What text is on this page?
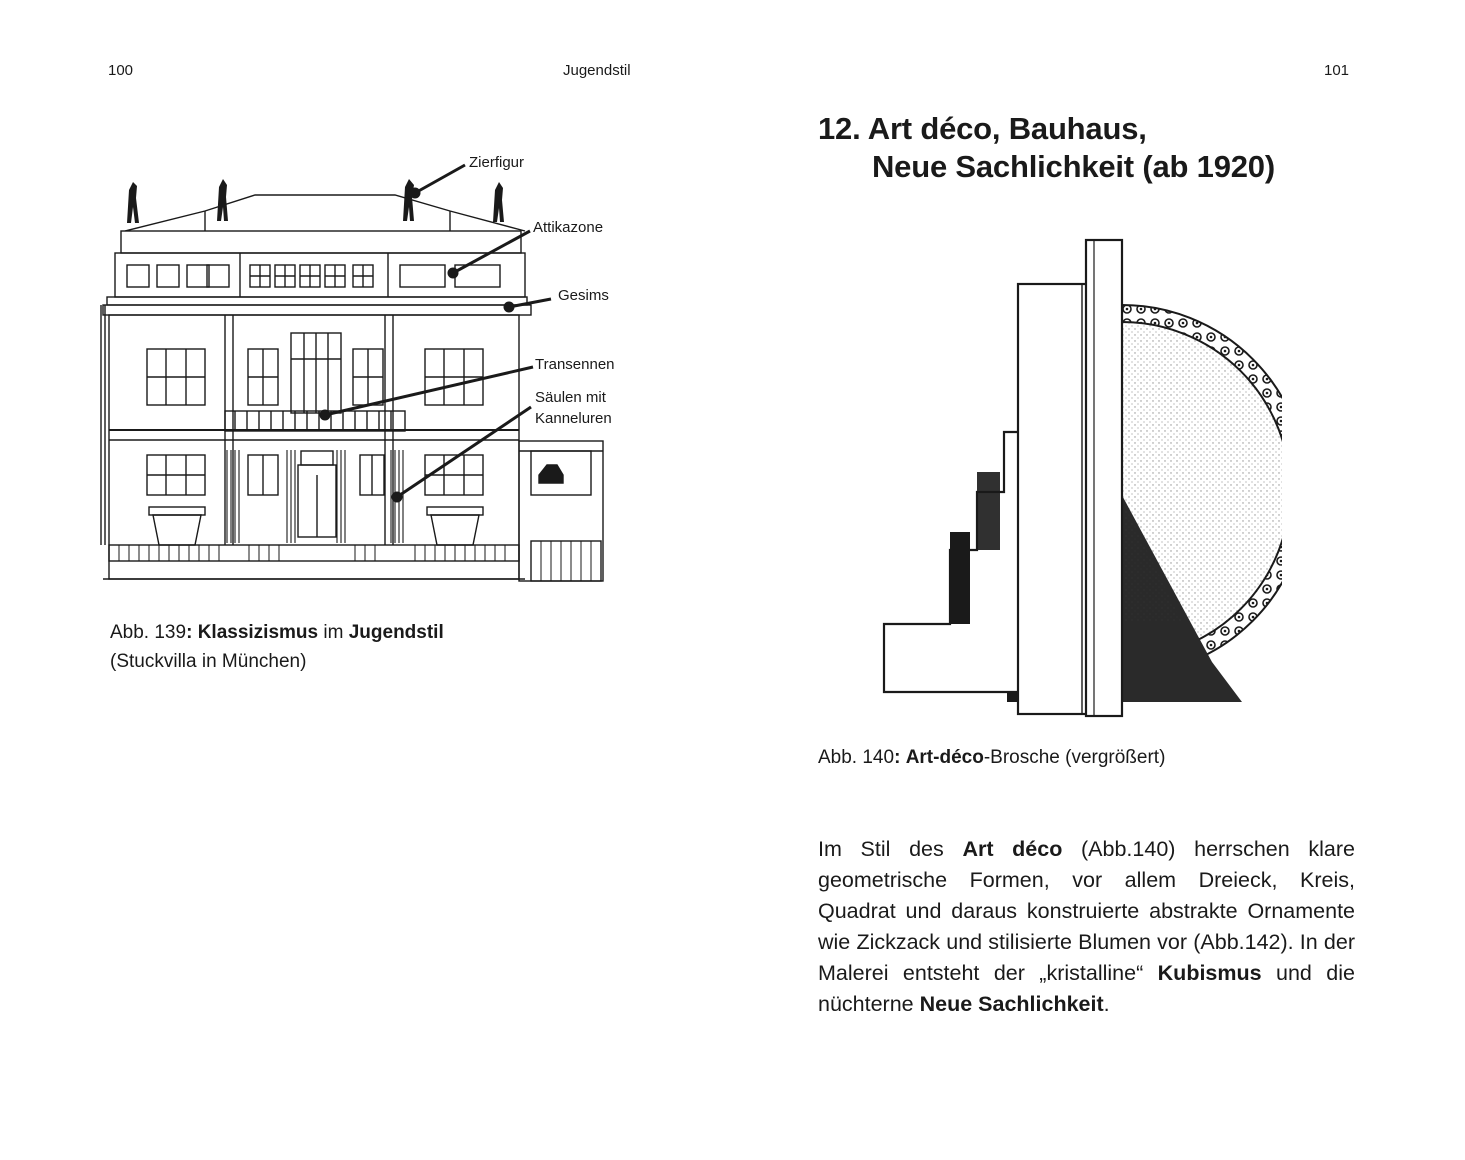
100	Jugendstil
Zierfigur
Attikazone
Gesims
Transennen
Säulen mit
Kanneluren
Abb. 139: Klassizismus im Jugendstil
(Stuckvilla in München)
101
12. Art déco, Bauhaus,
Neue Sachlichkeit (ab 1920)
Abb. 140: Art-déco-Brosche (vergrößert)
Im Stil des Art déco (Abb.140) herrschen klare geometrische Formen, vor allem Dreieck, Kreis, Quadrat und daraus konstruierte abstrakte Ornamente wie Zickzack und stilisierte Blumen vor (Abb.142). In der Malerei entsteht der „kristalline“ Kubismus und die nüchterne Neue Sachlichkeit.
